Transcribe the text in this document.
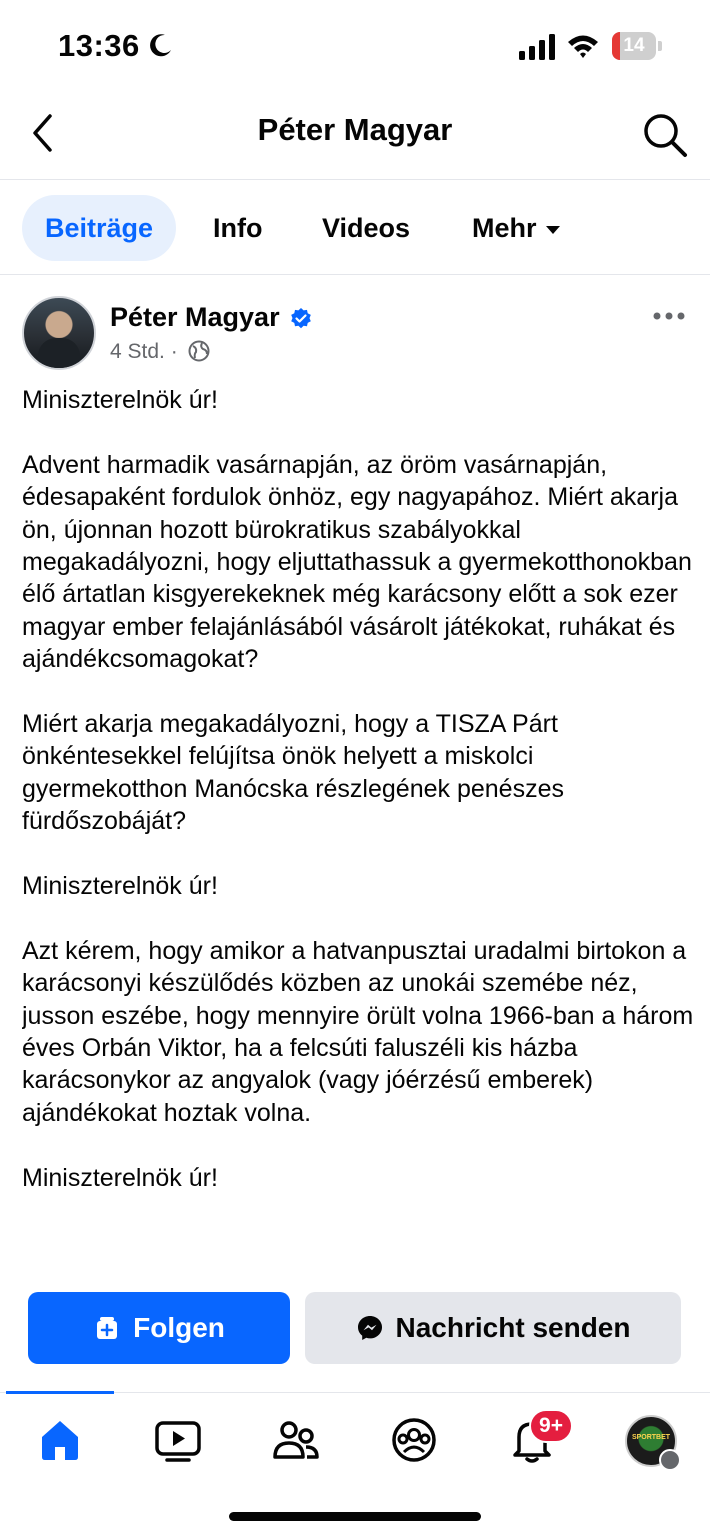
13:36	14
Péter Magyar
Beiträge	Info Videos Mehr
Péter Magyar
4 Std. ·

Miniszterelnök úr!

Advent harmadik vasárnapján, az öröm vasárnapján, édesapaként fordulok önhöz, egy nagyapához. Miért akarja ön, újonnan hozott bürokratikus szabályokkal megakadályozni, hogy eljuttathassuk a gyermekotthonokban élő ártatlan kisgyerekeknek még karácsony előtt a sok ezer magyar ember felajánlásából vásárolt játékokat, ruhákat és ajándékcsomagokat?

Miért akarja megakadályozni, hogy a TISZA Párt önkéntesekkel felújítsa önök helyett a miskolci gyermekotthon Manócska részlegének penészes fürdőszobáját?

Miniszterelnök úr!

Azt kérem, hogy amikor a hatvanpusztai uradalmi birtokon a karácsonyi készülődés közben az unokái szemébe néz, jusson eszébe, hogy mennyire örült volna 1966-ban a három éves Orbán Viktor, ha a felcsúti faluszéli kis házba karácsonykor az angyalok (vagy jóérzésű emberek) ajándékokat hoztak volna.

Miniszterelnök úr!

Folgen	Nachricht senden
9+
SPORTBET
